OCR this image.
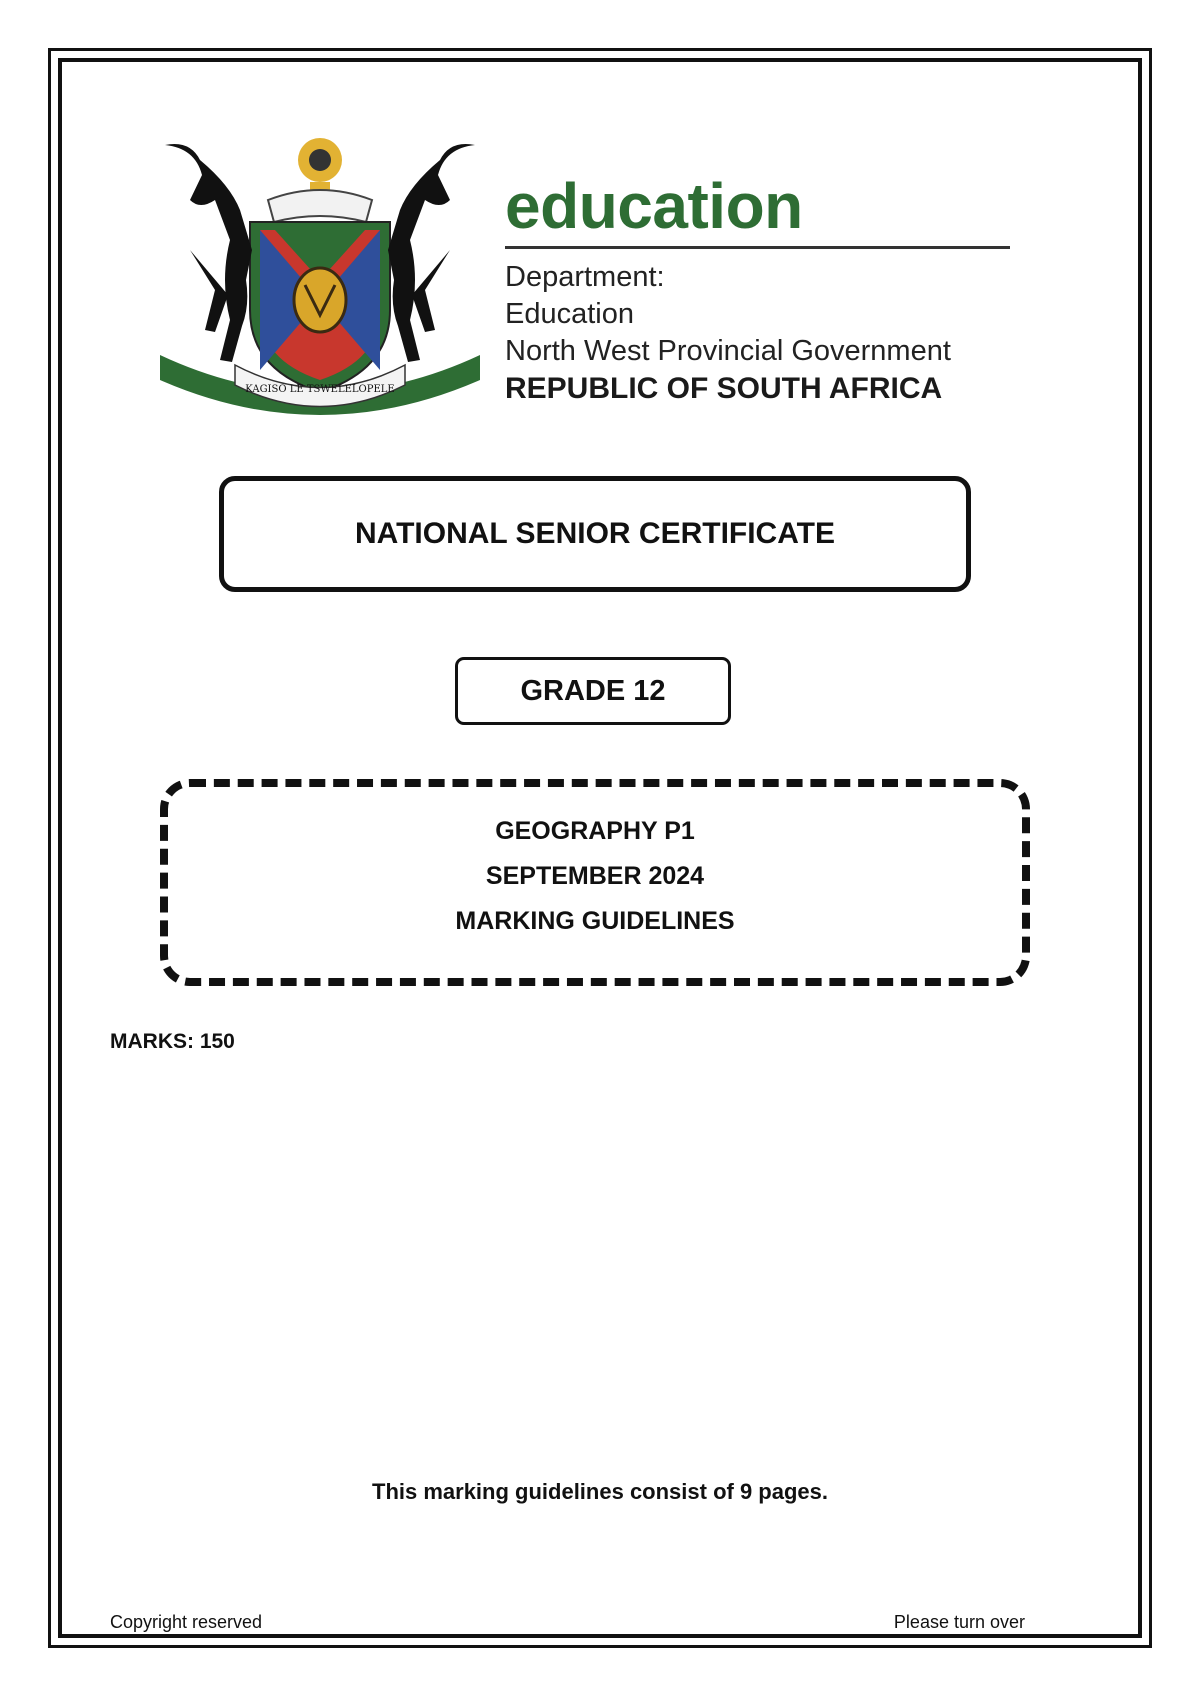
KAGISO LE TSWELELOPELE

education

Department:

Education

North West Provincial Government

REPUBLIC OF SOUTH AFRICA

NATIONAL SENIOR CERTIFICATE
GRADE 12

GEOGRAPHY P1

SEPTEMBER 2024

MARKING GUIDELINES

MARKS: 150
This marking guidelines consist of 9 pages.
Copyright reserved	Please turn over
